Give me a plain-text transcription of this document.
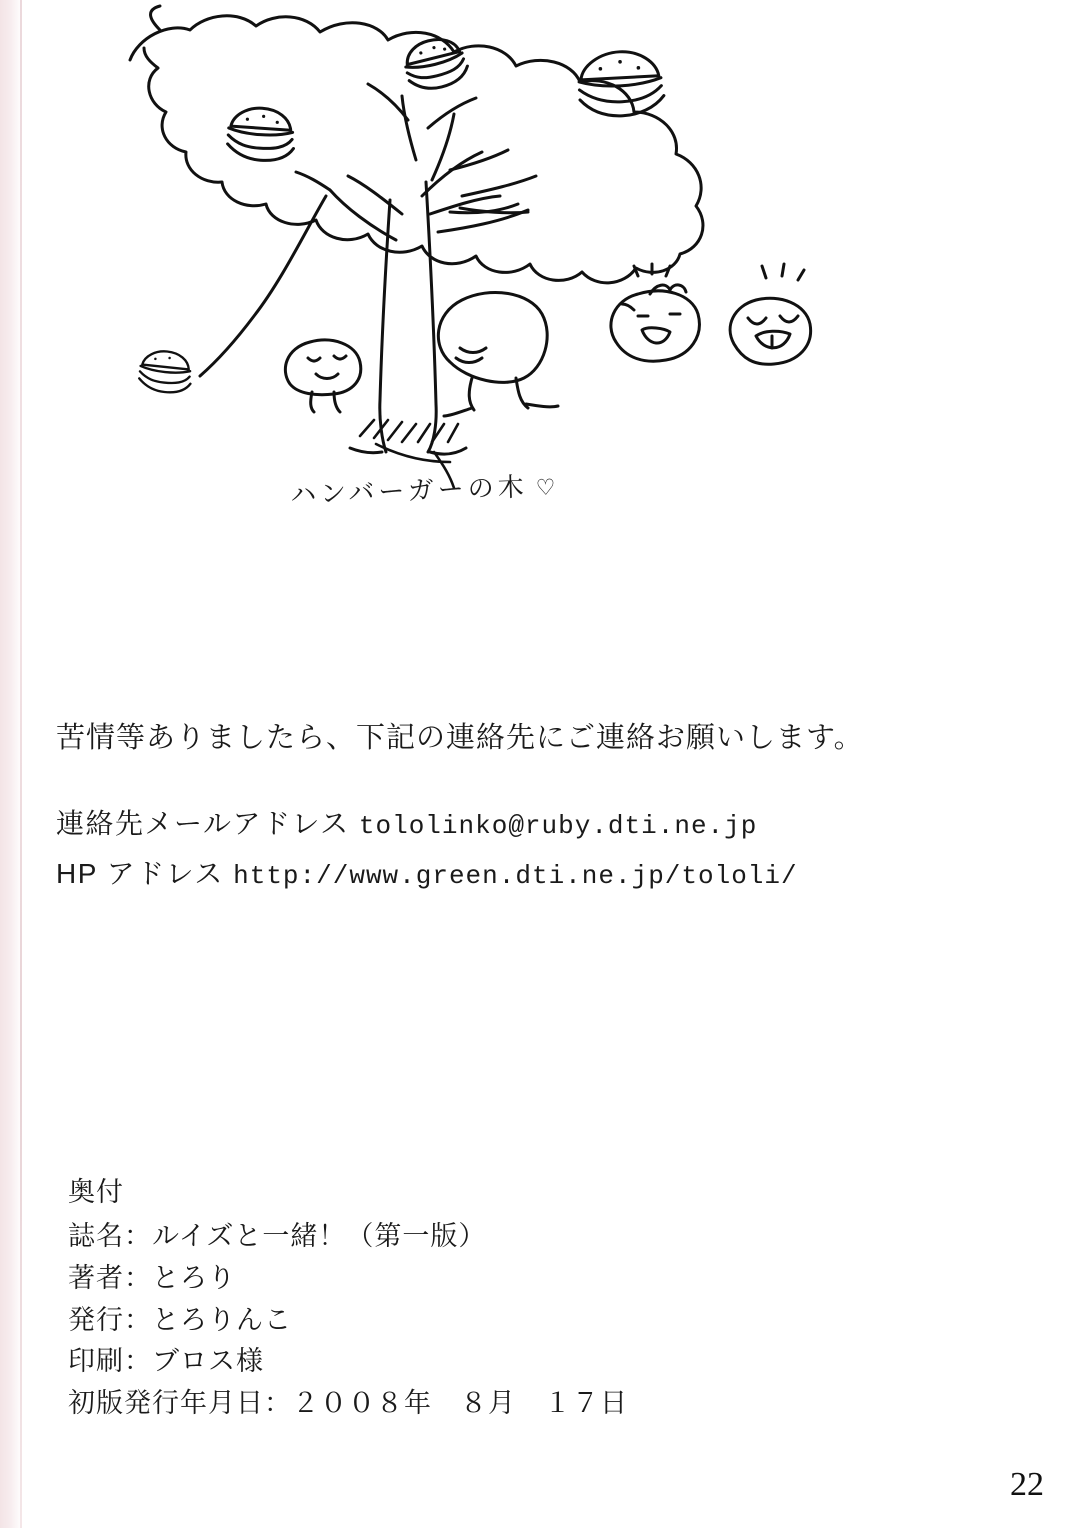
ハンバーガーの木 ♡
苦情等ありましたら、下記の連絡先にご連絡お願いします。
連絡先メールアドレス tololinko@ruby.dti.ne.jp
HP アドレス http://www.green.dti.ne.jp/tololi/
奥付
誌名：ルイズと一緒！（第一版）
著者：とろり
発行：とろりんこ
印刷：ブロス様
初版発行年月日：２００８年　８月　１７日
22
